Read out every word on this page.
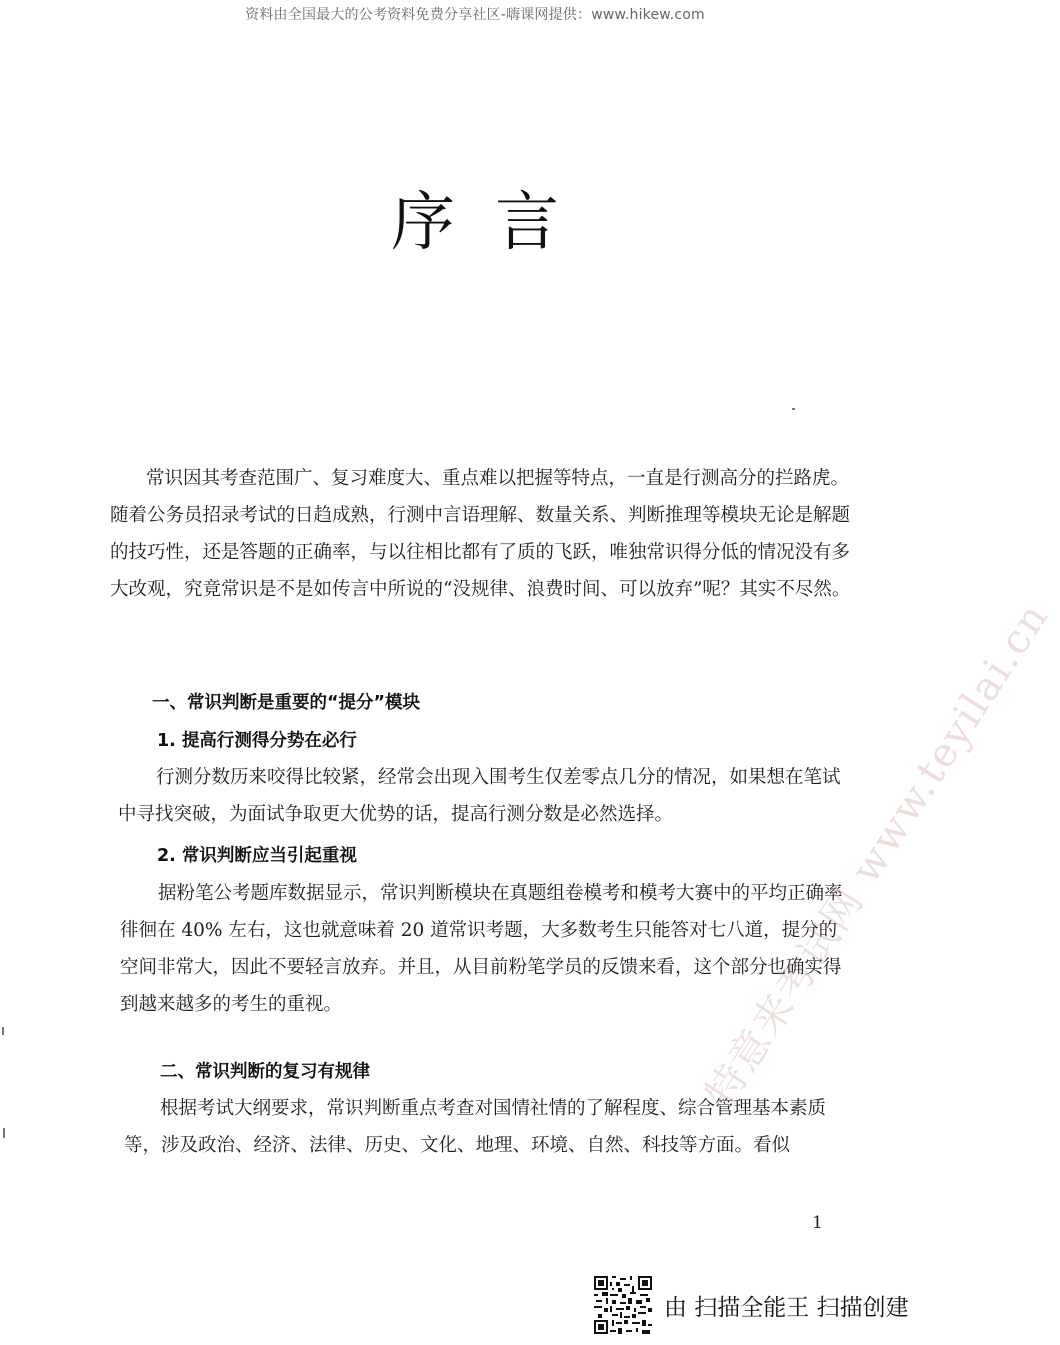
资料由全国最大的公考资料免费分享社区-嗨课网提供：www.hikew.com
序言

常识因其考查范围广、复习难度大、重点难以把握等特点，一直是行测高分的拦路虎。随着公务员招录考试的日趋成熟，行测中言语理解、数量关系、判断推理等模块无论是解题的技巧性，还是答题的正确率，与以往相比都有了质的飞跃，唯独常识得分低的情况没有多大改观，究竟常识是不是如传言中所说的“没规律、浪费时间、可以放弃”呢？其实不尽然。

一、常识判断是重要的“提分”模块
1. 提高行测得分势在必行

行测分数历来咬得比较紧，经常会出现入围考生仅差零点几分的情况，如果想在笔试中寻找突破，为面试争取更大优势的话，提高行测分数是必然选择。

2. 常识判断应当引起重视

据粉笔公考题库数据显示，常识判断模块在真题组卷模考和模考大赛中的平均正确率徘徊在 40% 左右，这也就意味着 20 道常识考题，大多数考生只能答对七八道，提分的空间非常大，因此不要轻言放弃。并且，从目前粉笔学员的反馈来看，这个部分也确实得到越来越多的考生的重视。

二、常识判断的复习有规律

根据考试大纲要求，常识判断重点考查对国情社情的了解程度、综合管理基本素质等，涉及政治、经济、法律、历史、文化、地理、环境、自然、科技等方面。看似

1
特意来考试网 www.teyilai.cn
由 扫描全能王 扫描创建
